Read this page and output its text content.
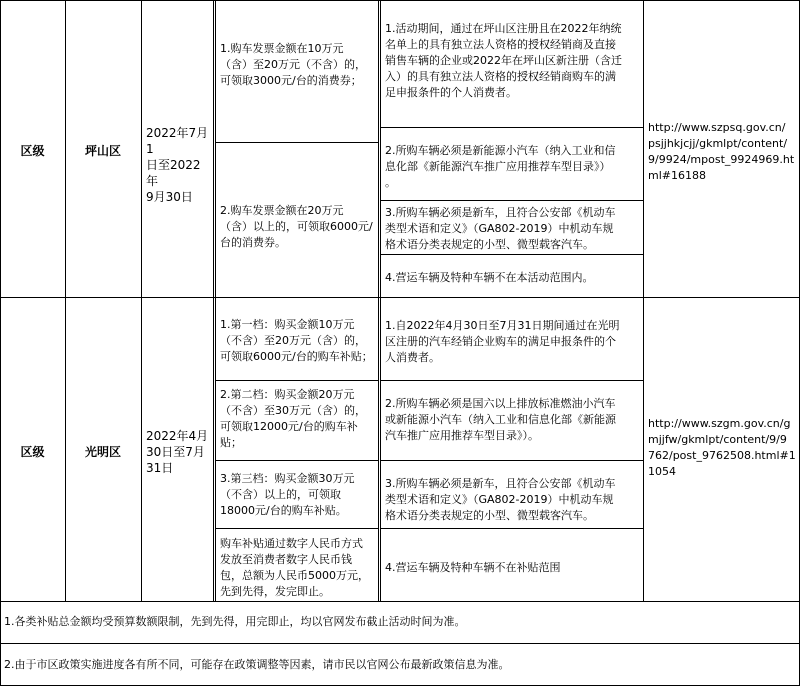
区级	坪山区
2022年7月1
日至2022年
9月30日
1.购车发票金额在10万元
（含）至20万元（不含）的，
可领取3000元/台的消费券；
2.购车发票金额在20万元
（含）以上的，可领取6000元/
台的消费券。
1.活动期间，通过在坪山区注册且在2022年纳统
名单上的具有独立法人资格的授权经销商及直接
销售车辆的企业或2022年在坪山区新注册（含迁
入）的具有独立法人资格的授权经销商购车的满
足申报条件的个人消费者。
2.所购车辆必须是新能源小汽车（纳入工业和信
息化部《新能源汽车推广应用推荐车型目录》）
。
3.所购车辆必须是新车，且符合公安部《机动车
类型术语和定义》（GA802-2019）中机动车规
格术语分类表规定的小型、微型载客汽车。
4.营运车辆及特种车辆不在本活动范围内。
http://www.szpsq.gov.cn/
psjjhkjcjj/gkmlpt/content/
9/9924/mpost_9924969.ht
ml#16188
区级	光明区
2022年4月
30日至7月
31日
1.第一档：购买金额10万元
（不含）至20万元（含）的，
可领取6000元/台的购车补贴；
2.第二档：购买金额20万元
（不含）至30万元（含）的，
可领取12000元/台的购车补
贴；
3.第三档：购买金额30万元
（不含）以上的，可领取
18000元/台的购车补贴。
购车补贴通过数字人民币方式
发放至消费者数字人民币钱
包，总额为人民币5000万元，
先到先得，发完即止。
1.自2022年4月30日至7月31日期间通过在光明
区注册的汽车经销企业购车的满足申报条件的个
人消费者。
2.所购车辆必须是国六以上排放标准燃油小汽车
或新能源小汽车（纳入工业和信息化部《新能源
汽车推广应用推荐车型目录》）。
3.所购车辆必须是新车，且符合公安部《机动车
类型术语和定义》（GA802-2019）中机动车规
格术语分类表规定的小型、微型载客汽车。
4.营运车辆及特种车辆不在补贴范围
http://www.szgm.gov.cn/g
mjjfw/gkmlpt/content/9/9
762/post_9762508.html#1
1054
1.各类补贴总金额均受预算数额限制，先到先得，用完即止，均以官网发布截止活动时间为准。
2.由于市区政策实施进度各有所不同，可能存在政策调整等因素，请市民以官网公布最新政策信息为准。
